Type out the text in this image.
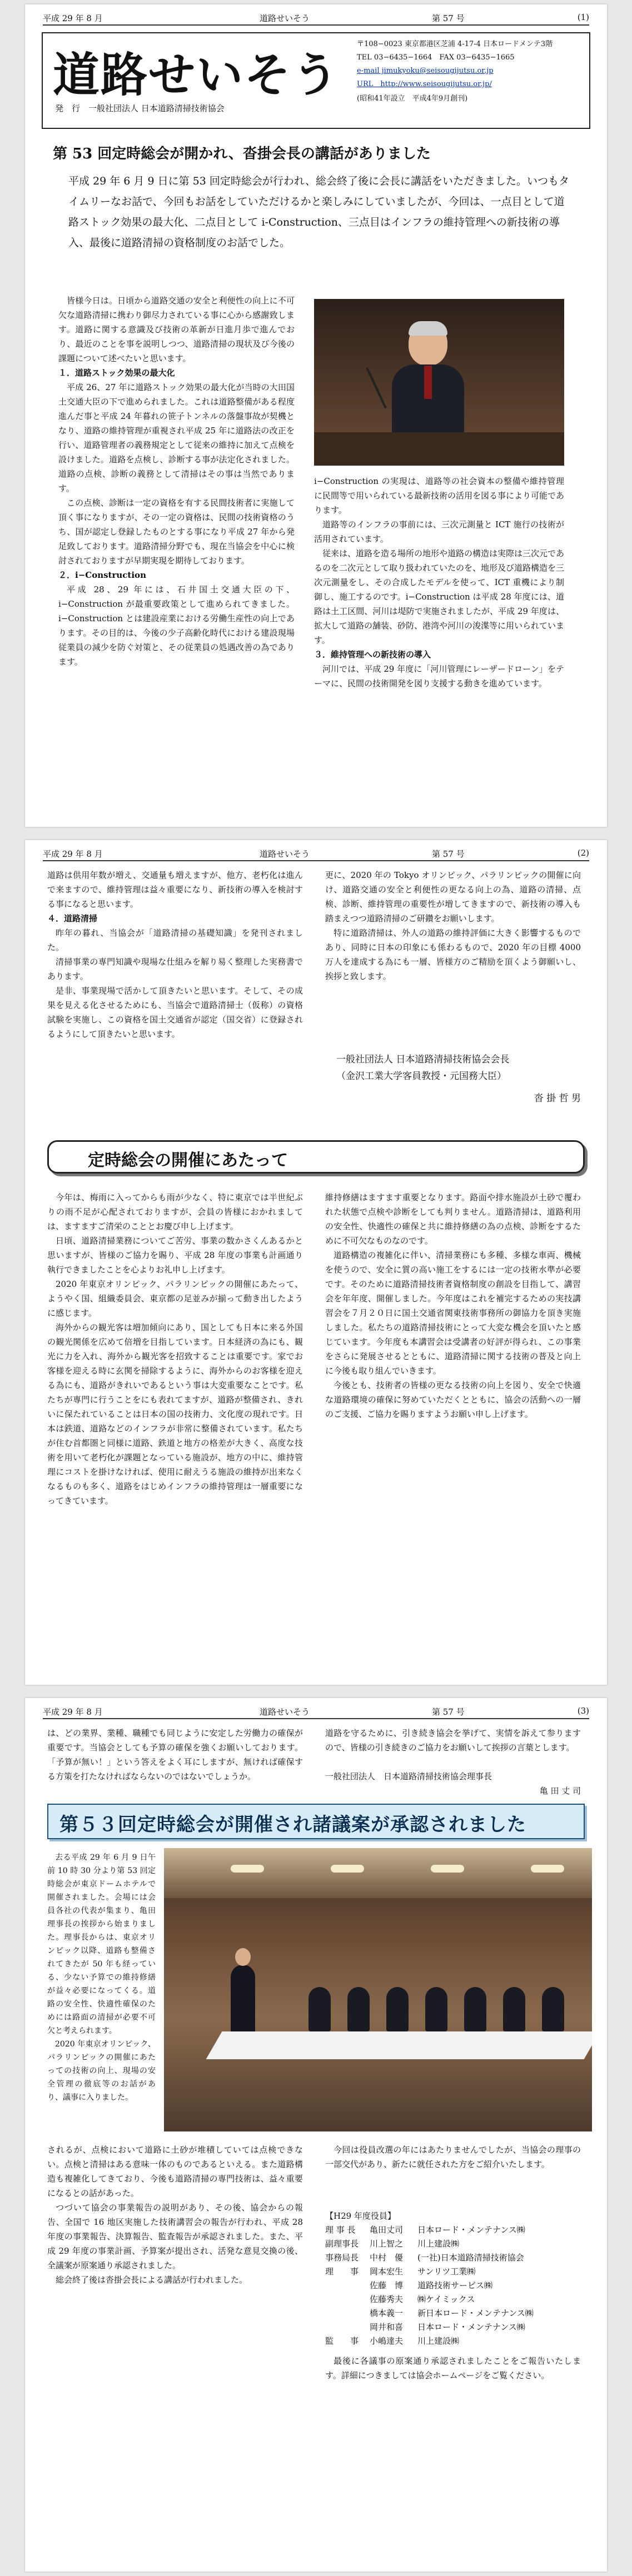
平成 29 年 8 月	道路せいそう	第 57 号	(1)
道路せいそう
発　行　一般社団法人 日本道路清掃技術協会
〒108−0023 東京都港区芝浦 4-17-4 日本ロードメンテ3階
TEL 03−6435−1664　FAX 03−6435−1665
e-mail jimukyoku@seisougijutsu.or.jp
URL　http://www.seisougijutsu.or.jp/
(昭和41年設立　平成4年9月創刊)
第 53 回定時総会が開かれ、沓掛会長の講話がありました
平成 29 年 6 月 9 日に第 53 回定時総会が行われ、総会終了後に会長に講話をいただきました。いつもタイムリーなお話で、今回もお話をしていただけるかと楽しみにしていましたが、今回は、一点目として道路ストック効果の最大化、二点目として i-Construction、三点目はインフラの維持管理への新技術の導入、最後に道路清掃の資格制度のお話でした。

皆様今日は。日頃から道路交通の安全と利便性の向上に不可欠な道路清掃に携わり御尽力されている事に心から感謝致します。道路に関する意識及び技術の革新が日進月歩で進んでおり、最近のことを事を説明しつつ、道路清掃の現状及び今後の課題について述べたいと思います。

１．道路ストック効果の最大化

平成 26、27 年に道路ストック効果の最大化が当時の大田国土交通大臣の下で進められました。これは道路整備がある程度進んだ事と平成 24 年暮れの笹子トンネルの落盤事故が契機となり、道路の維持管理が重視され平成 25 年に道路法の改正を行い、道路管理者の義務規定として従来の維持に加えて点検を設けました。道路を点検し、診断する事が法定化されました。道路の点検、診断の義務として清掃はその事は当然であります。

この点検、診断は一定の資格を有する民間技術者に実施して頂く事になりますが、その一定の資格は、民間の技術資格のうち、国が認定し登録したものとする事になり平成 27 年から発足致しております。道路清掃分野でも、現在当協会を中心に検討されておりますが早期実現を期待しております。

２．i−Construction

平成 28、29 年には、石井国土交通大臣の下、i−Construction が最重要政策として進められてきました。i−Construction とは建設産業における労働生産性の向上であります。その目的は、今後の少子高齢化時代における建設現場従業員の減少を防ぐ対策と、その従業員の処遇改善の為であります。

i−Construction の実現は、道路等の社会資本の整備や維持管理に民間等で用いられている最新技術の活用を図る事により可能であります。

道路等のインフラの事前には、三次元測量と ICT 施行の技術が活用されています。

従来は、道路を造る場所の地形や道路の構造は実際は三次元であるのを二次元として取り扱われていたのを、地形及び道路構造を三次元測量をし、その合成したモデルを使って、ICT 重機により制御し、施工するのです。i−Construction は平成 28 年度には、道路は土工区間、河川は堤防で実施されましたが、平成 29 年度は、拡大して道路の舗装、砂防、港湾や河川の浚渫等に用いられています。

３．維持管理への新技術の導入

河川では、平成 29 年度に「河川管理にレーザードローン」をテーマに、民間の技術開発を図り支援する動きを進めています。

平成 29 年 8 月	道路せいそう	第 57 号	(2)

道路は供用年数が増え、交通量も増えますが、他方、老朽化は進んで来ますので、維持管理は益々重要になり、新技術の導入を検討する事になると思います。

４．道路清掃

昨年の暮れ、当協会が「道路清掃の基礎知識」を発刊されました。

清掃事業の専門知識や現場な仕組みを解り易く整理した実務書であります。

是非、事業现場で活かして頂きたいと思います。そして、その成果を見える化させるためにも、当協会で道路清掃士（仮称）の資格試験を実施し、この資格を国土交通省が認定（国交省）に登録されるようにして頂きたいと思います。

更に、2020 年の Tokyo オリンピック、パラリンピックの開催に向け、道路交通の安全と利便性の更なる向上の為、道路の清掃、点検、診断、維持管理の重要性が増してきますので、新技術の導入も踏まえつつ道路清掃のご研鑽をお願いします。

特に道路清掃は、外人の道路の維持評価に大きく影響するものであり、同時に日本の印象にも係わるもので、2020 年の目標 4000 万人を達成する為にも一層、皆様方のご精励を頂くよう御願いし、挨拶と致します。

一般社団法人 日本道路清掃技術協会会長
（金沢工業大学客員教授・元国務大臣）
沓 掛 哲 男
定時総会の開催にあたって

今年は、梅雨に入ってからも雨が少なく、特に東京では半世紀ぶりの雨不足が心配されておりますが、会員の皆様におかれましては、ますますご清栄のこととお慶び申し上げます。

日頃、道路清掃業務についてご苦労、事業の数かさくんあるかと思いますが、皆様のご協力を賜り、平成 28 年度の事業も計画通り執行できましたことを心よりお礼申し上げます。

2020 年東京オリンピック、パラリンピックの開催にあたって、ようやく国、組織委員会、東京都の足並みが揃って動き出したように感じます。

海外からの観光客は増加傾向にあり、国としても日本に来る外国の観光関係を広めて倍増を目指しています。日本経済の為にも、観光に力を入れ、海外から観光客を招致することは重要です。家でお客様を迎える時に玄関を掃除するように、海外からのお客様を迎える為にも、道路がきれいであるという事は大変重要なことです。私たちが専門に行うことをにも表れてますが、道路が整備され、きれいに保たれていることは日本の国の技術力、文化度の現れです。日本は鉄道、道路などのインフラが非常に整備されています。私たちが住む首都圏と同様に道路、鉄道と地方の格差が大きく、高度な技術を用いて老朽化が課題となっている施設が、地方の中に、維持管理にコストを掛けなければ、使用に耐えうる施設の維持が出来なくなるものも多く、道路をはじめインフラの維持管理は一層重要になってきています。

維持修繕はますます重要となります。路面や排水施設が土砂で覆われた状態で点検や診断をしても判りません。道路清掃は、道路利用の安全性、快適性の確保と共に維持修繕の為の点検、診断をするために不可欠なものなのです。

道路構造の複雑化に伴い、清掃業務にも多種、多様な車両、機械を使うので、安全に質の高い施工をするには一定の技術水準が必要です。そのために道路清掃技術者資格制度の創設を目指して、講習会を年年度、開催しました。今年度はこれを補完するための実技講習会を７月２０日に国土交通省関東技術事務所の御協力を頂き実施しました。私たちの道路清掃技術にとって大変な機会を頂いたと感じています。今年度も本講習会は受講者の好評が得られ、この事業をさらに発展させるとともに、道路清掃に関する技術の普及と向上に今後も取り組んでいきます。

今後とも、技術者の皆様の更なる技術の向上を図り、安全で快適な道路環境の確保に努めていただくとともに、協会の活動への一層のご支援、ご協力を賜りますようお願い申し上げます。

平成 29 年 8 月	道路せいそう	第 57 号	(3)

は、どの業界、業種、職種でも同じように安定した労働力の確保が重要です。当協会としても予算の確保を強くお願いしております。「予算が無い！」という答えをよく耳にしますが、無ければ確保する方策を打たなければならないのではないでしょうか。

道路を守るために、引き続き協会を挙げて、実情を訴えて参りますので、皆様の引き続きのご協力をお願いして挨拶の言葉とします。

一般社団法人　日本道路清掃技術協会理事長
亀 田 丈 司
第５３回定時総会が開催され諸議案が承認されました

去る平成 29 年 6 月 9 日午前 10 時 30 分より第 53 回定時総会が東京ドームホテルで開催されました。会場には会員各社の代表が集まり、亀田理事長の挨拶から始まりました。理事長からは、東京オリンピック以降、道路も整備されてきたが 50 年も経っている、少ない予算での維持修繕が益々必要になってくる。道路の安全性、快適性確保のためには路面の清掃が必要不可欠と考えられます。

2020 年東京オリンピック、パラリンピックの開催にあたっての技術の向上、現場の安全管理の徹底等のお話があり、議事に入りました。

されるが、点検において道路に土砂が堆積していては点検できない。点検と清掃はある意味一体のものであるといえる。また道路構造も複雑化してきており、今後も道路清掃の専門技術は、益々重要になるとの話があった。

つづいて協会の事業報告の説明があり、その後、協会からの報告、全国で 16 地区実施した技術講習会の報告が行われ、平成 28 年度の事業報告、決算報告、監査報告が承認されました。また、平成 29 年度の事業計画、予算案が提出され、活発な意見交換の後、全議案が原案通り承認されました。

総会終了後は沓掛会長による講話が行われました。

今回は役員改選の年にはあたりませんでしたが、当協会の理事の一部交代があり、新たに就任された方をご紹介いたします。

【H29 年度役員】
理 事 長 亀田丈司 日本ロード・メンテナンス㈱
副理事長 川上智之 川上建設㈱
事務局長 中村　優 (一社)日本道路清掃技術協会
理　　事 岡本宏生 サンリツ工業㈱
佐藤　博 道路技術サービス㈱
佐藤秀夫 ㈱ケイミックス
橋本義一 新日本ロード・メンテナンス㈱
岡井和喜 日本ロード・メンテナンス㈱
監　　事 小嶋達夫 川上建設㈱

最後に各議事の原案通り承認されましたことをご報告いたします。詳細につきましては協会ホームページをご覧ください。
